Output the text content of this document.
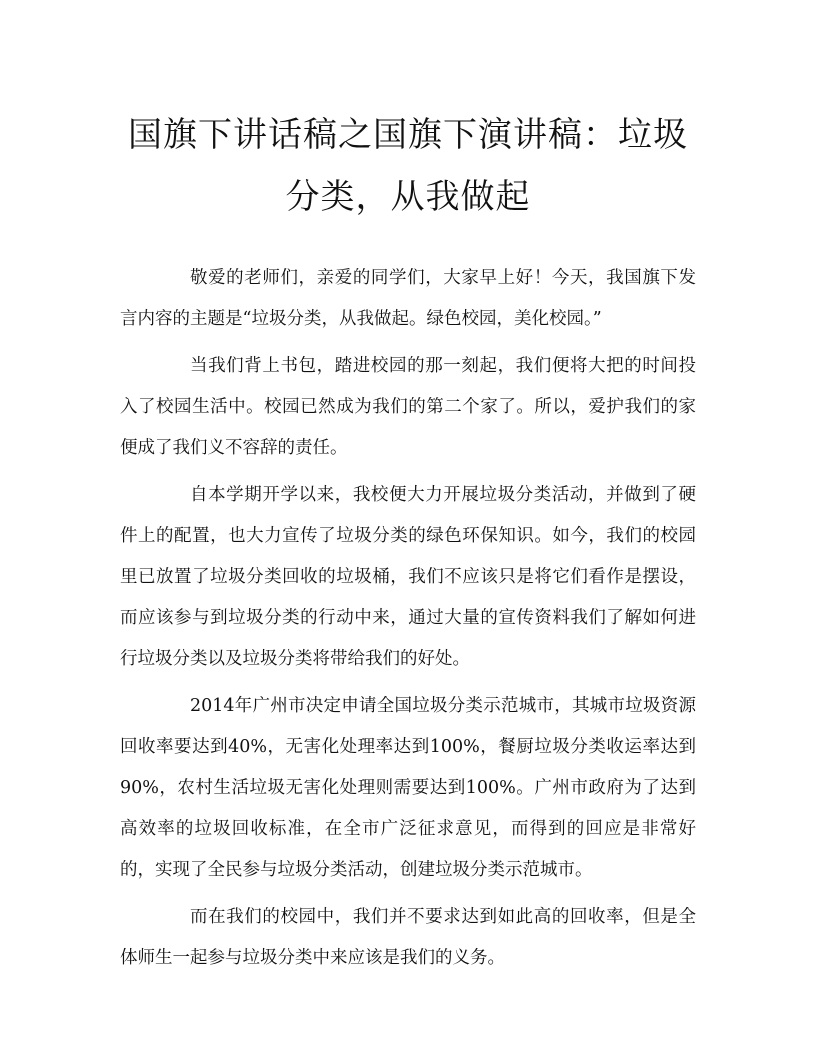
国旗下讲话稿之国旗下演讲稿：垃圾分类，从我做起

敬爱的老师们，亲爱的同学们，大家早上好！今天，我国旗下发言内容的主题是“垃圾分类，从我做起。绿色校园，美化校园。”

当我们背上书包，踏进校园的那一刻起，我们便将大把的时间投入了校园生活中。校园已然成为我们的第二个家了。所以，爱护我们的家便成了我们义不容辞的责任。

自本学期开学以来，我校便大力开展垃圾分类活动，并做到了硬件上的配置，也大力宣传了垃圾分类的绿色环保知识。如今，我们的校园里已放置了垃圾分类回收的垃圾桶，我们不应该只是将它们看作是摆设，而应该参与到垃圾分类的行动中来，通过大量的宣传资料我们了解如何进行垃圾分类以及垃圾分类将带给我们的好处。

2014年广州市决定申请全国垃圾分类示范城市，其城市垃圾资源回收率要达到40%，无害化处理率达到100%，餐厨垃圾分类收运率达到90%，农村生活垃圾无害化处理则需要达到100%。广州市政府为了达到高效率的垃圾回收标准，在全市广泛征求意见，而得到的回应是非常好的，实现了全民参与垃圾分类活动，创建垃圾分类示范城市。

而在我们的校园中，我们并不要求达到如此高的回收率，但是全体师生一起参与垃圾分类中来应该是我们的义务。
